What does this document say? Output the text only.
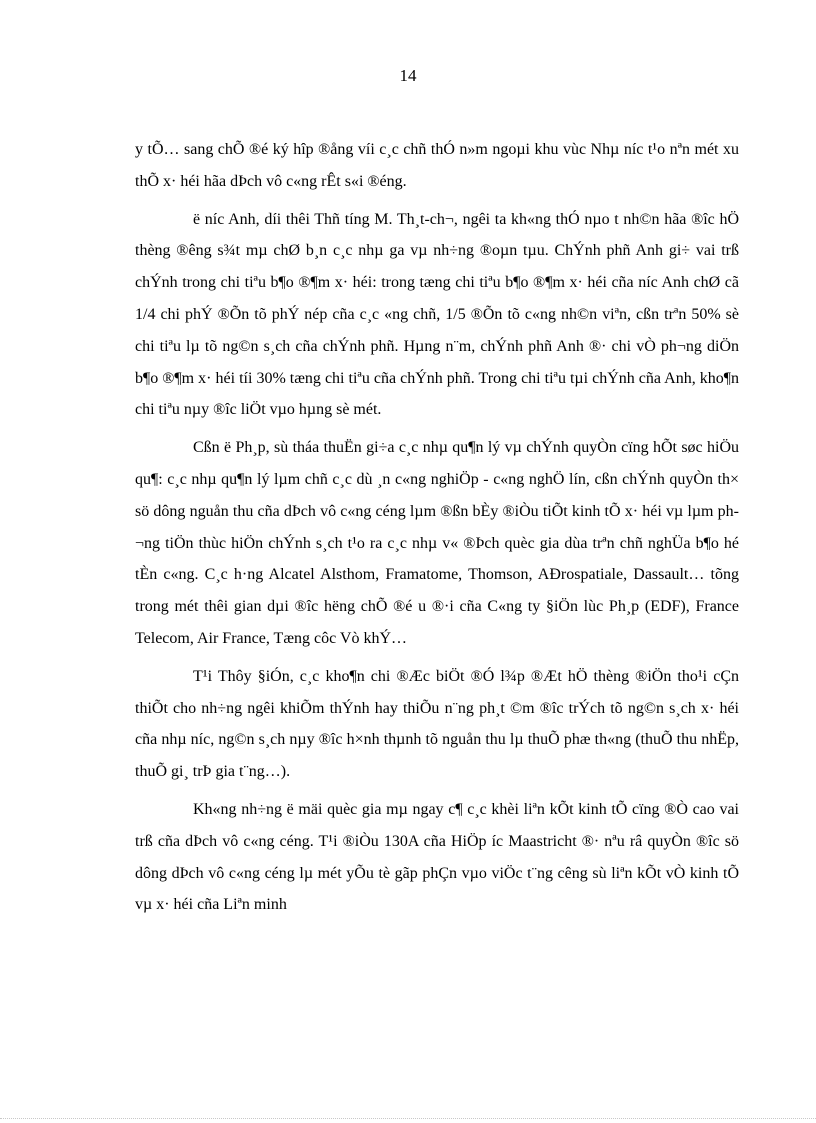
14

y tÕ… sang chÕ ®é ký hîp ®ång víi c¸c chñ thÓ n»m ngoµi khu vùc Nhµ níc t¹o nªn mét xu thÕ x· héi hãa dÞch vô c«ng rÊt s«i ®éng.

ë níc Anh, díi thêi Thñ tíng M. Th¸t-ch¬, ngêi ta kh«ng thÓ nµo t nh©n hãa ®îc hÖ thèng ®êng s¾t mµ chØ b¸n c¸c nhµ ga vµ nh÷ng ®oµn tµu. ChÝnh phñ Anh gi÷ vai trß chÝnh trong chi tiªu b¶o ®¶m x· héi: trong tæng chi tiªu b¶o ®¶m x· héi cña níc Anh chØ cã 1/4 chi phÝ ®Õn tõ phÝ nép cña c¸c «ng chñ, 1/5 ®Õn tõ c«ng nh©n viªn, cßn trªn 50% sè chi tiªu lµ tõ ng©n s¸ch cña chÝnh phñ. Hµng n¨m, chÝnh phñ Anh ®· chi vÒ ph¬ng diÖn b¶o ®¶m x· héi tíi 30% tæng chi tiªu cña chÝnh phñ. Trong chi tiªu tµi chÝnh cña Anh, kho¶n chi tiªu nµy ®îc liÖt vµo hµng sè mét.

Cßn ë Ph¸p, sù tháa thuËn gi÷a c¸c nhµ qu¶n lý vµ chÝnh quyÒn cïng hÕt søc hiÖu qu¶: c¸c nhµ qu¶n lý lµm chñ c¸c dù ¸n c«ng nghiÖp - c«ng nghÖ lín, cßn chÝnh quyÒn th× sö dông nguån thu cña dÞch vô c«ng céng lµm ®ßn bÈy ®iÒu tiÕt kinh tÕ x· héi vµ lµm ph¬ng tiÖn thùc hiÖn chÝnh s¸ch t¹o ra c¸c nhµ v« ®Þch quèc gia dùa trªn chñ nghÜa b¶o hé tÈn c«ng. C¸c h·ng Alcatel Alsthom, Framatome, Thomson, AÐrospatiale, Dassault… tõng trong mét thêi gian dµi ®îc hëng chÕ ®é u ®·i cña C«ng ty §iÖn lùc Ph¸p (EDF), France Telecom, Air France, Tæng côc Vò khÝ…

T¹i Thôy §iÓn, c¸c kho¶n chi ®Æc biÖt ®Ó l¾p ®Æt hÖ thèng ®iÖn tho¹i cÇn thiÕt cho nh÷ng ngêi khiÕm thÝnh hay thiÕu n¨ng ph¸t ©m ®îc trÝch tõ ng©n s¸ch x· héi cña nhµ níc, ng©n s¸ch nµy ®îc h×nh thµnh tõ nguån thu lµ thuÕ phæ th«ng (thuÕ thu nhËp, thuÕ gi¸ trÞ gia t¨ng…).

Kh«ng nh÷ng ë mäi quèc gia mµ ngay c¶ c¸c khèi liªn kÕt kinh tÕ cïng ®Ò cao vai trß cña dÞch vô c«ng céng. T¹i ®iÒu 130A cña HiÖp íc Maastricht ®· nªu râ quyÒn ®îc sö dông dÞch vô c«ng céng lµ mét yÕu tè gãp phÇn vµo viÖc t¨ng cêng sù liªn kÕt vÒ kinh tÕ vµ x· héi cña Liªn minh
